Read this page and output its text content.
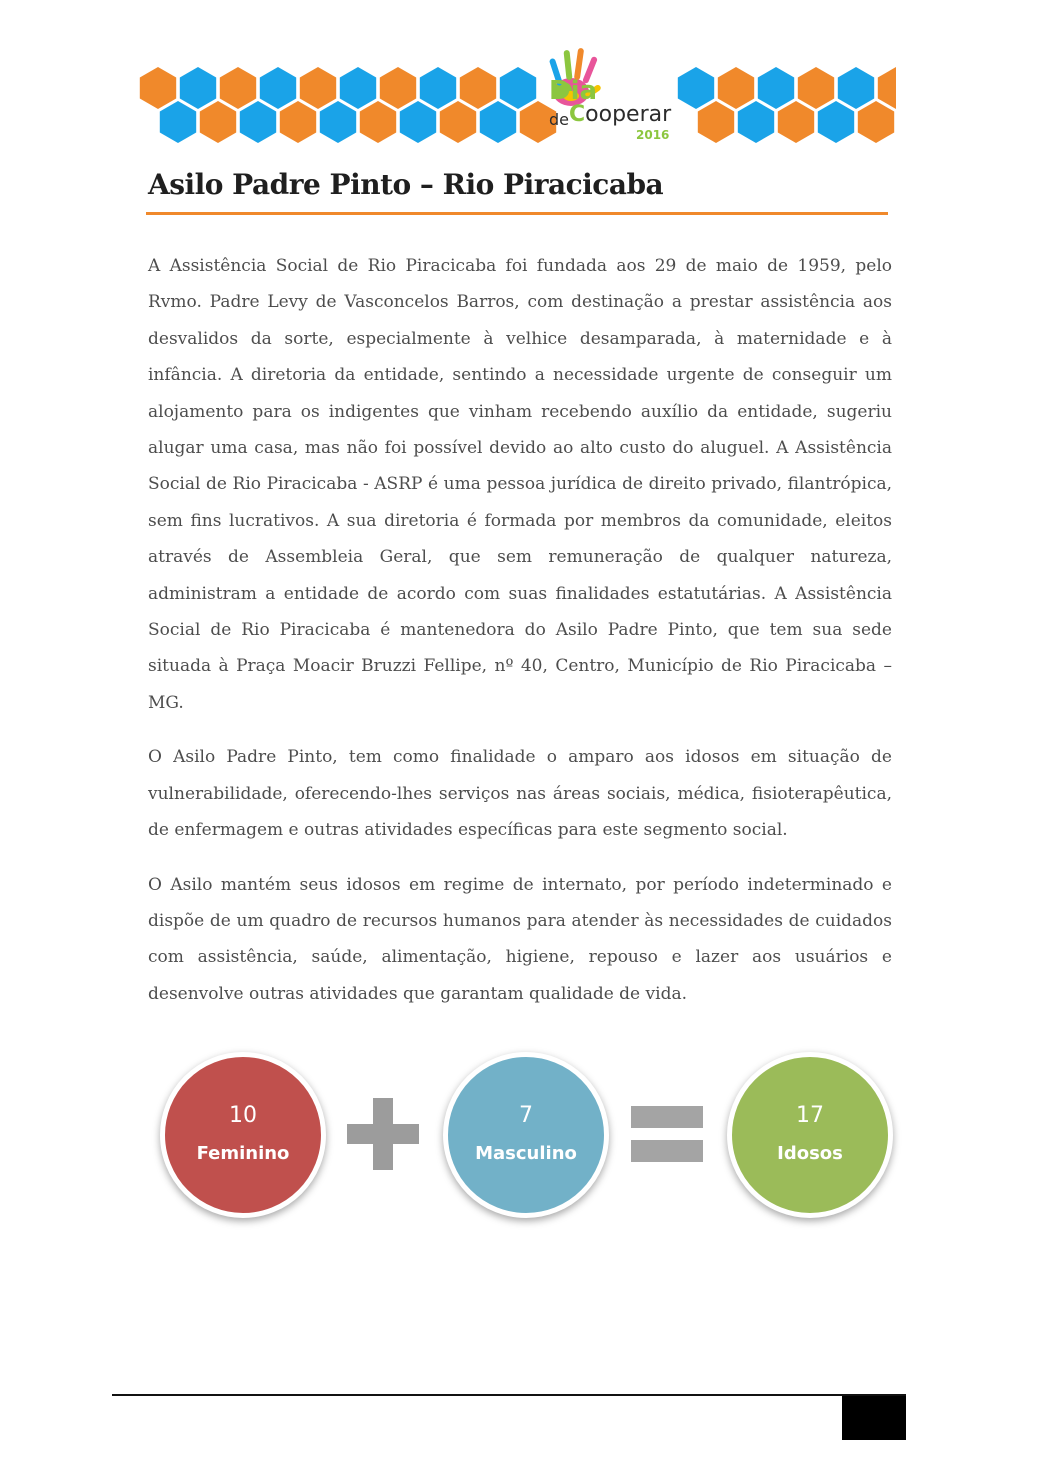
Dia
de Cooperar
2016
Asilo Padre Pinto – Rio Piracicaba

A Assistência Social de Rio Piracicaba foi fundada aos 29 de maio de 1959, pelo Rvmo. Padre Levy de Vasconcelos Barros, com destinação a prestar assistência aos desvalidos da sorte, especialmente à velhice desamparada, à maternidade e à infância. A diretoria da entidade, sentindo a necessidade urgente de conseguir um alojamento para os indigentes que vinham recebendo auxílio da entidade, sugeriu alugar uma casa, mas não foi possível devido ao alto custo do aluguel. A Assistência Social de Rio Piracicaba - ASRP é uma pessoa jurídica de direito privado, filantrópica, sem fins lucrativos. A sua diretoria é formada por membros da comunidade, eleitos através de Assembleia Geral, que sem remuneração de qualquer natureza, administram a entidade de acordo com suas finalidades estatutárias. A Assistência Social de Rio Piracicaba é mantenedora do Asilo Padre Pinto, que tem sua sede situada à Praça Moacir Bruzzi Fellipe, nº 40, Centro, Município de Rio Piracicaba – MG.

O Asilo Padre Pinto, tem como finalidade o amparo aos idosos em situação de vulnerabilidade, oferecendo-lhes serviços nas áreas sociais, médica, fisioterapêutica, de enfermagem e outras atividades específicas para este segmento social.

O Asilo mantém seus idosos em regime de internato, por período indeterminado e dispõe de um quadro de recursos humanos para atender às necessidades de cuidados com assistência, saúde, alimentação, higiene, repouso e lazer aos usuários e desenvolve outras atividades que garantam qualidade de vida.

10
Feminino
7
Masculino
17
Idosos
